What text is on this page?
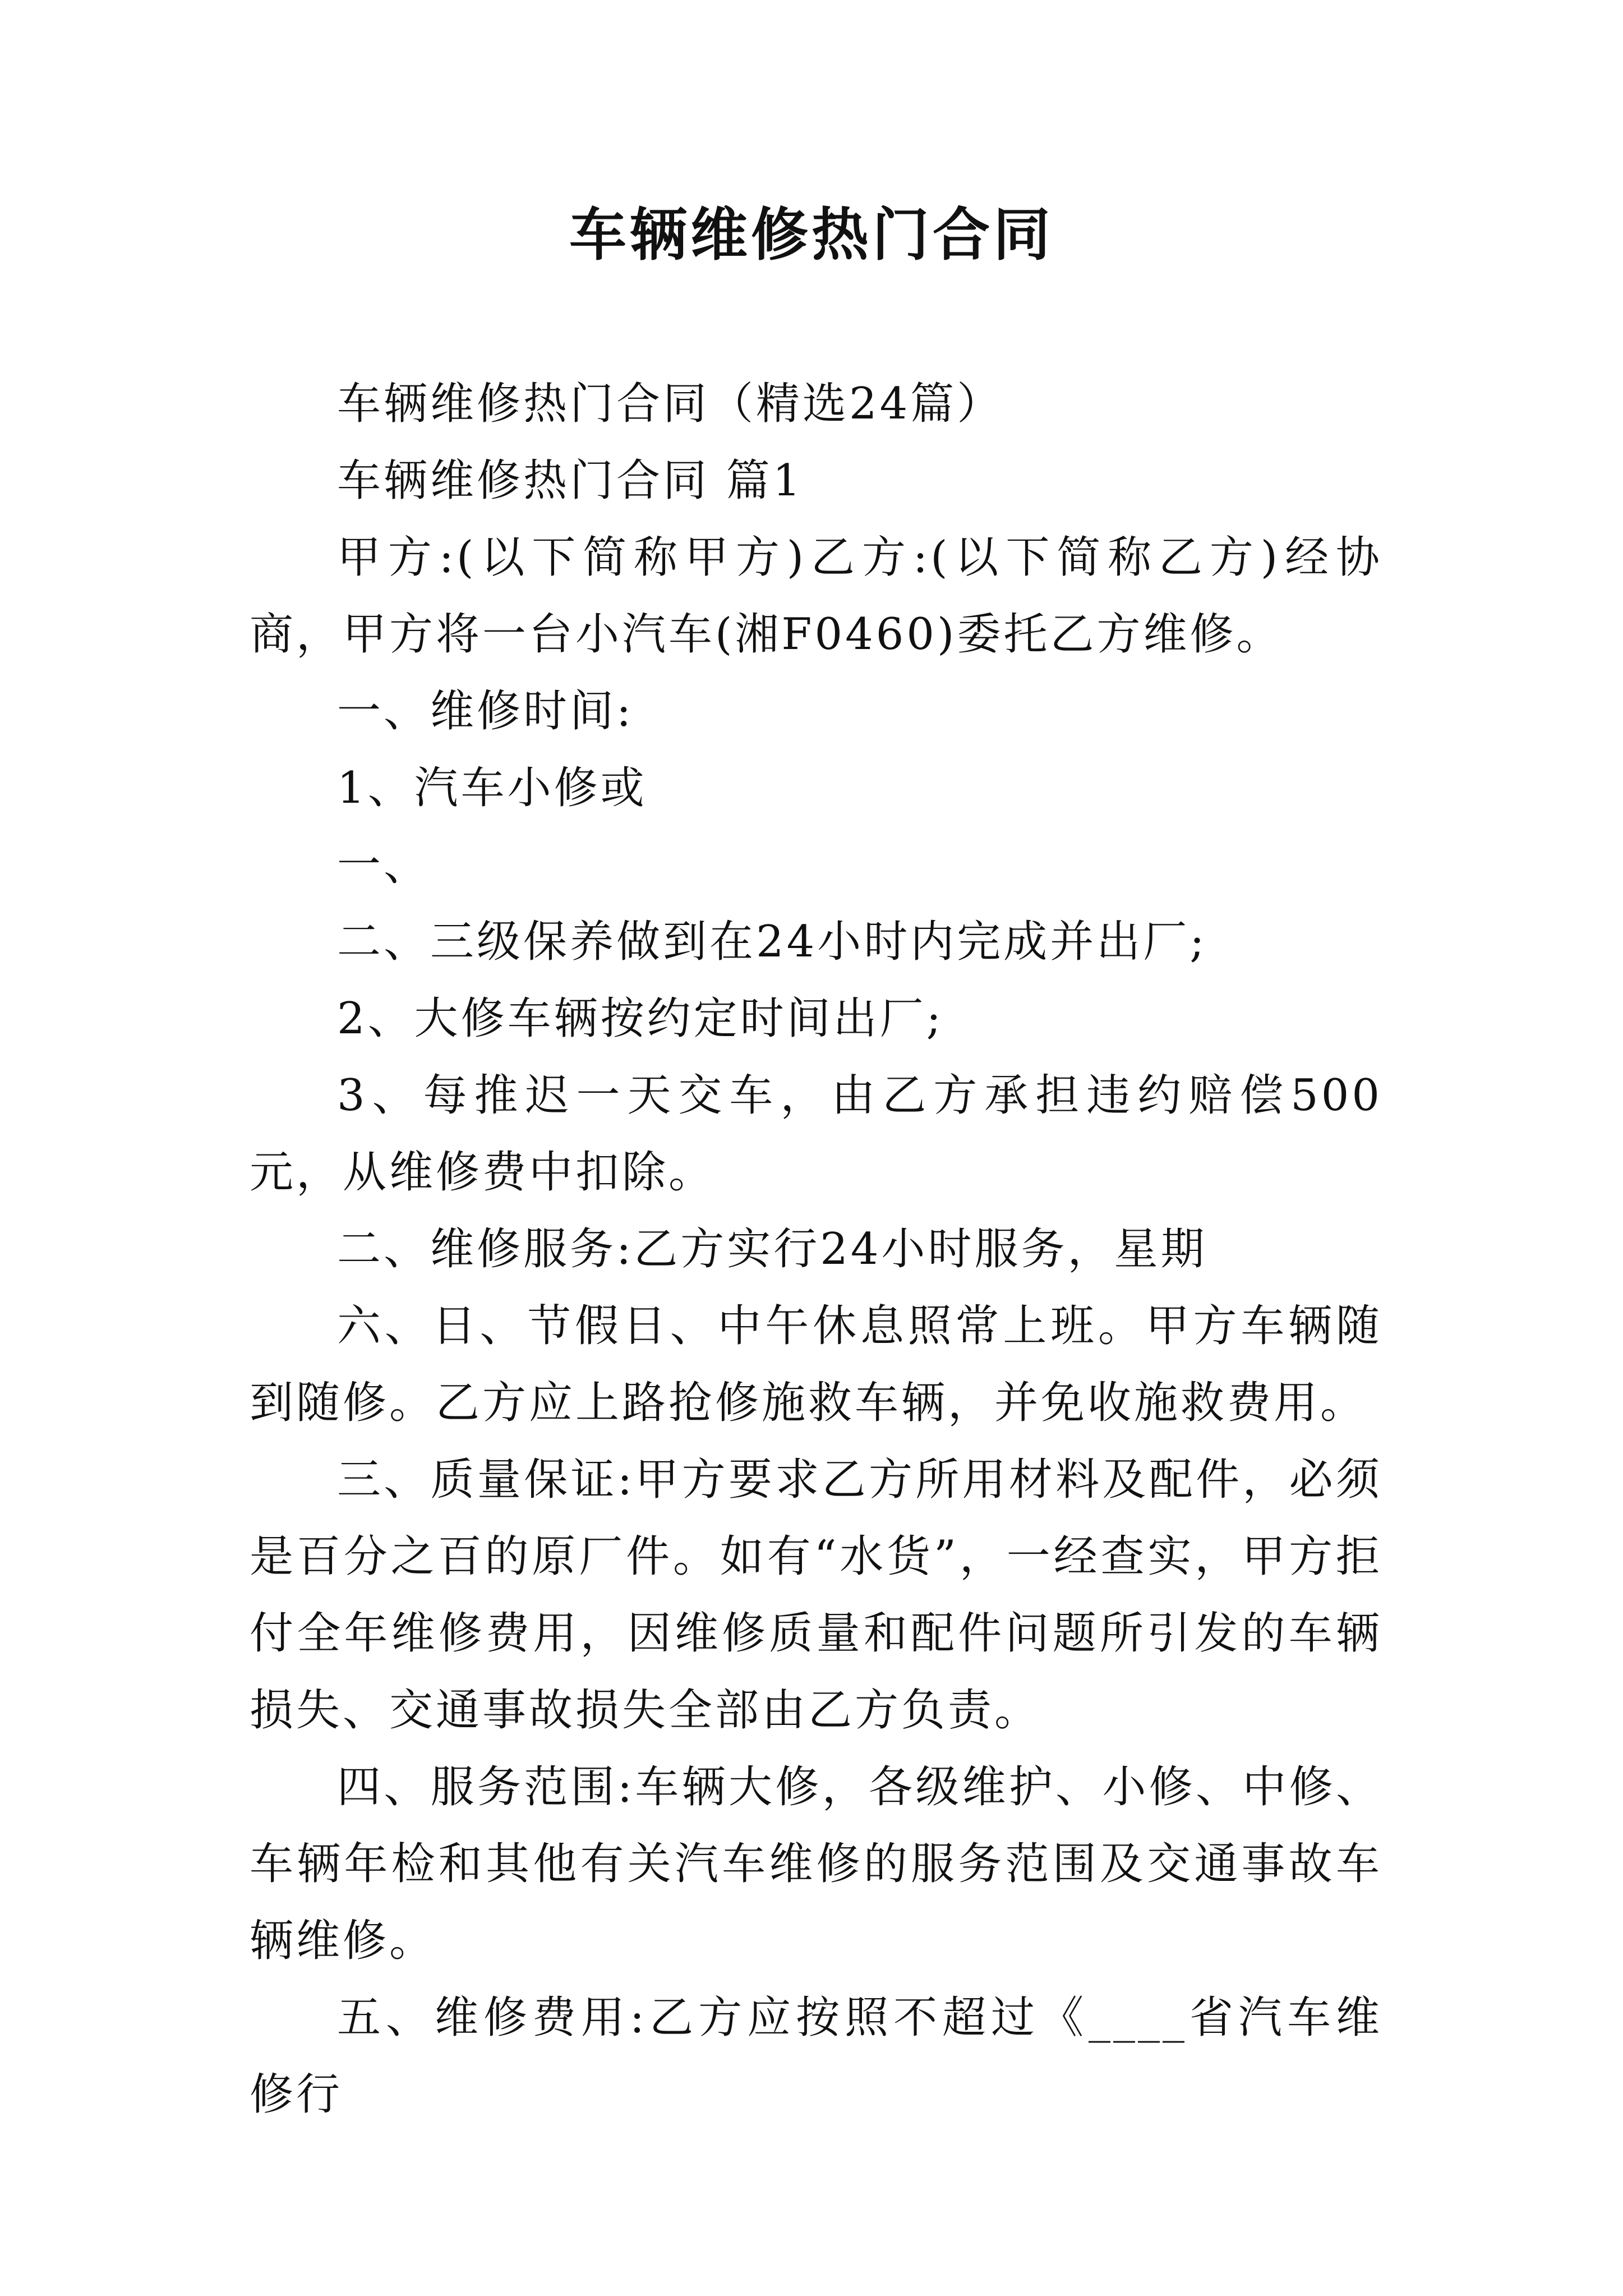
车辆维修热门合同

车辆维修热门合同（精选24篇）

车辆维修热门合同 篇1

甲方:(以下简称甲方)乙方:(以下简称乙方)经协商，甲方将一台小汽车(湘F0460)委托乙方维修。

一、维修时间:

1、汽车小修或

一、

二、三级保养做到在24小时内完成并出厂;

2、大修车辆按约定时间出厂;

3、每推迟一天交车，由乙方承担违约赔偿500元，从维修费中扣除。

二、维修服务:乙方实行24小时服务，星期

六、日、节假日、中午休息照常上班。甲方车辆随到随修。乙方应上路抢修施救车辆，并免收施救费用。

三、质量保证:甲方要求乙方所用材料及配件，必须是百分之百的原厂件。如有“水货”，一经查实，甲方拒付全年维修费用，因维修质量和配件问题所引发的车辆损失、交通事故损失全部由乙方负责。

四、服务范围:车辆大修，各级维护、小修、中修、车辆年检和其他有关汽车维修的服务范围及交通事故车辆维修。

五、维修费用:乙方应按照不超过《____省汽车维修行
